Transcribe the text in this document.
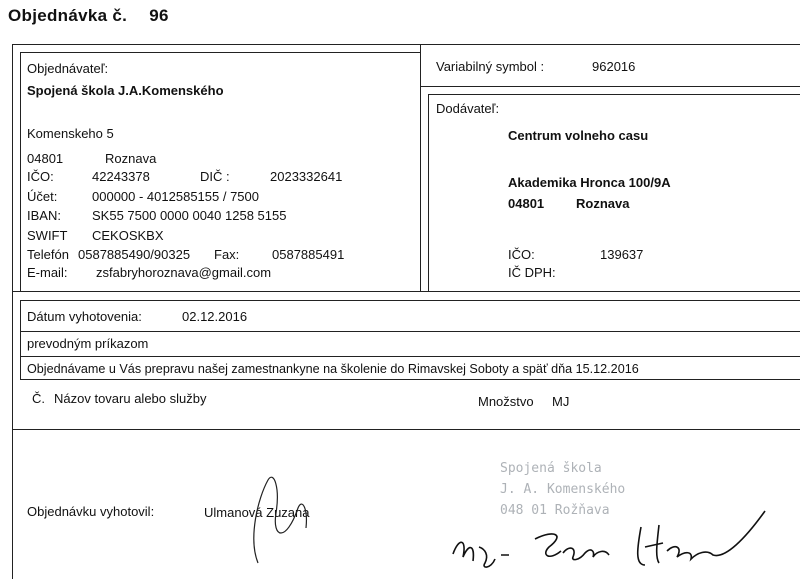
Objednávka č. 96
Objednávateľ:
Spojená škola J.A.Komenského
Komenskeho 5
04801	Roznava
IČO:	42243378	DIČ :	2023332641
Účet:	000000 - 4012585155 / 7500
IBAN: SK55 7500 0000 0040 1258 5155
SWIFT CEKOSKBX
Telefón 0587885490/90325 Fax:	0587885491
E-mail: zsfabryhoroznava@gmail.com
Variabilný symbol :	962016
Dodávateľ:
Centrum volneho casu
Akademika Hronca 100/9A
04801 Roznava
IČO:	139637
IČ DPH:
Dátum vyhotovenia:	02.12.2016
prevodným príkazom
Objednávame u Vás prepravu našej zamestnankyne na školenie do Rimavskej Soboty a späť dňa 15.12.2016
Č. Názov tovaru alebo služby	Množstvo MJ
Objednávku vyhotovil:	Ulmanová Zuzana
Spojená škola
J. A. Komenského
048 01 Rožňava
